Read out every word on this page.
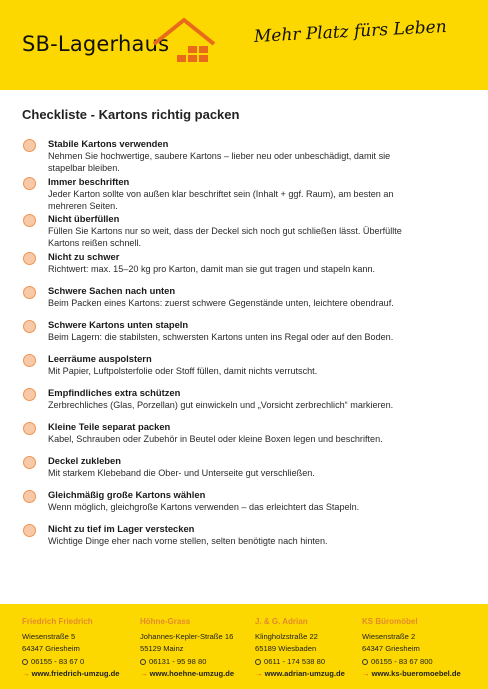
SB-Lagerhaus	Mehr Platz fürs Leben
Checkliste - Kartons richtig packen
Stabile Kartons verwenden
Nehmen Sie hochwertige, saubere Kartons – lieber neu oder unbeschädigt, damit sie
stapelbar bleiben.
Immer beschriften
Jeder Karton sollte von außen klar beschriftet sein (Inhalt + ggf. Raum), am besten an
mehreren Seiten.
Nicht überfüllen
Füllen Sie Kartons nur so weit, dass der Deckel sich noch gut schließen lässt. Überfüllte
Kartons reißen schnell.
Nicht zu schwer
Richtwert: max. 15–20 kg pro Karton, damit man sie gut tragen und stapeln kann.
Schwere Sachen nach unten
Beim Packen eines Kartons: zuerst schwere Gegenstände unten, leichtere obendrauf.
Schwere Kartons unten stapeln
Beim Lagern: die stabilsten, schwersten Kartons unten ins Regal oder auf den Boden.
Leerräume auspolstern
Mit Papier, Luftpolsterfolie oder Stoff füllen, damit nichts verrutscht.
Empfindliches extra schützen
Zerbrechliches (Glas, Porzellan) gut einwickeln und „Vorsicht zerbrechlich“ markieren.
Kleine Teile separat packen
Kabel, Schrauben oder Zubehör in Beutel oder kleine Boxen legen und beschriften.
Deckel zukleben
Mit starkem Klebeband die Ober- und Unterseite gut verschließen.
Gleichmäßig große Kartons wählen
Wenn möglich, gleichgroße Kartons verwenden – das erleichtert das Stapeln.
Nicht zu tief im Lager verstecken
Wichtige Dinge eher nach vorne stellen, selten benötigte nach hinten.
Friedrich Friedrich
Wiesenstraße 5
64347 Griesheim
06155 - 83 67 0
→ www.friedrich-umzug.de
Höhne-Grass
Johannes-Kepler-Straße 16
55129 Mainz
06131 - 95 98 80
→ www.hoehne-umzug.de
J. & G. Adrian
Klingholzstraße 22
65189 Wiesbaden
0611 - 174 538 80
→ www.adrian-umzug.de
KS Büromöbel
Wiesenstraße 2
64347 Griesheim
06155 - 83 67 800
→ www.ks-bueromoebel.de
